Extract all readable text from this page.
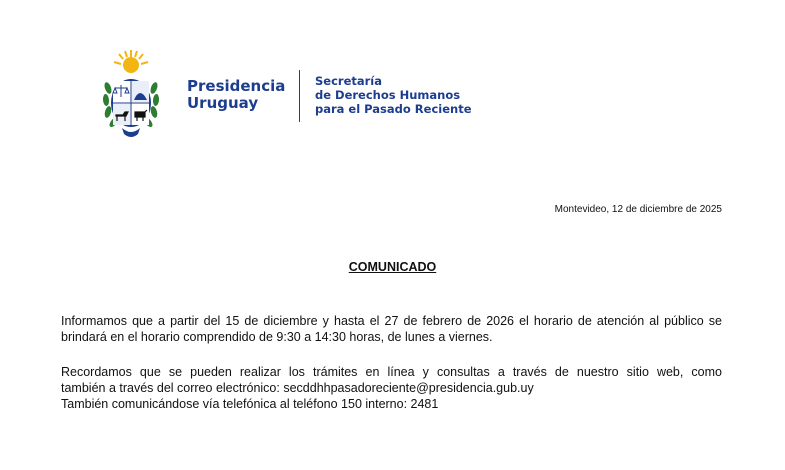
Presidencia
Uruguay
Secretaría
de Derechos Humanos
para el Pasado Reciente
Montevideo, 12 de diciembre de 2025
COMUNICADO
Informamos que a partir del 15 de diciembre y hasta el 27 de febrero de 2026 el horario de atención al público se brindará en el horario comprendido de 9:30 a 14:30 horas, de lunes a viernes.
Recordamos que se pueden realizar los trámites en línea y consultas a través de nuestro sitio web, como
también a través del correo electrónico: secddhhpasadoreciente@presidencia.gub.uy
También comunicándose vía telefónica al teléfono 150 interno: 2481
